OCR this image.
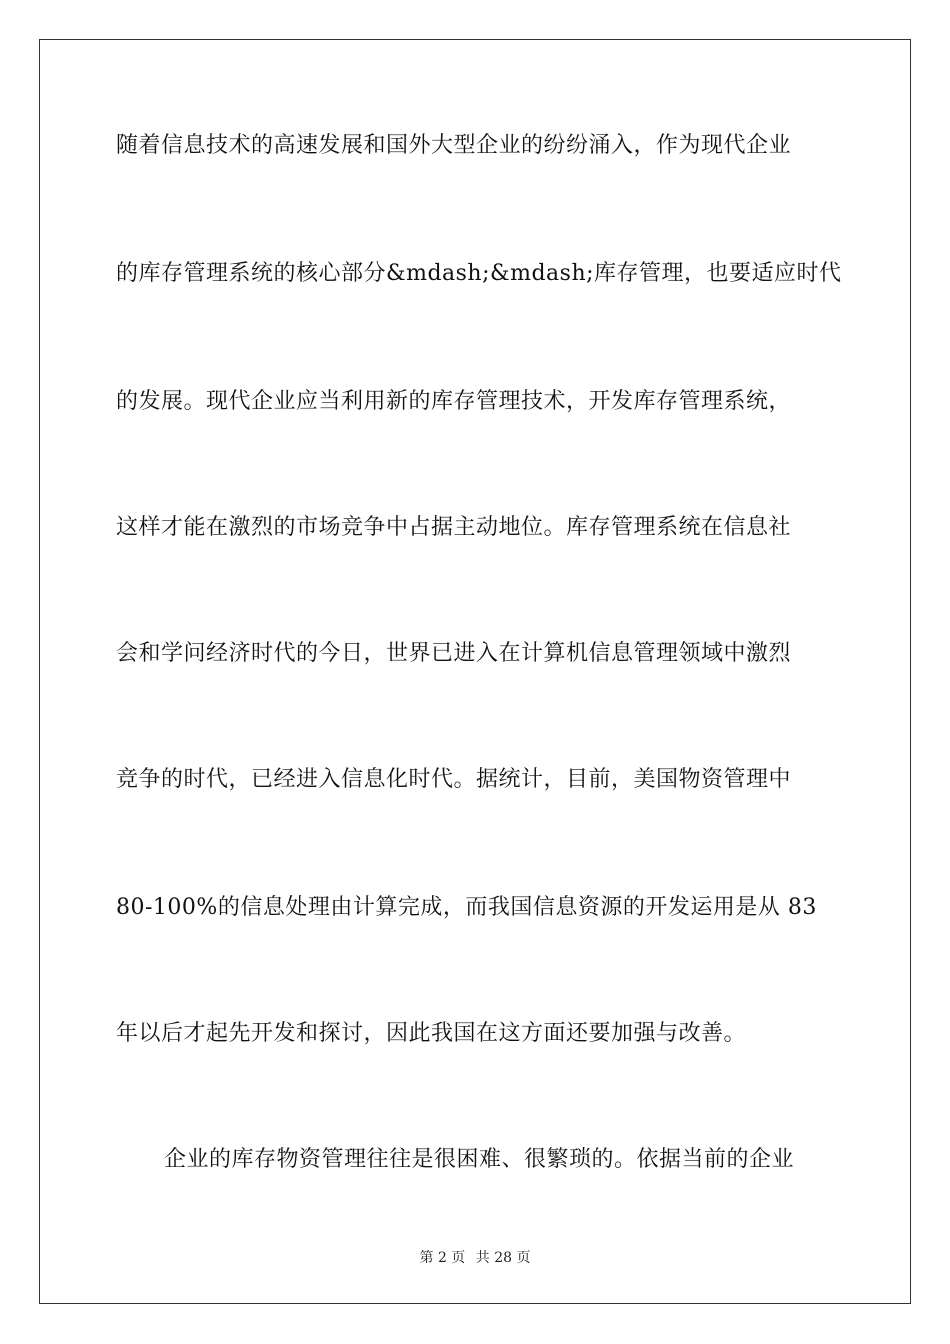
随着信息技术的高速发展和国外大型企业的纷纷涌入，作为现代企业
的库存管理系统的核心部分&mdash;&mdash;库存管理，也要适应时代
的发展。现代企业应当利用新的库存管理技术，开发库存管理系统，
这样才能在激烈的市场竞争中占据主动地位。库存管理系统在信息社
会和学问经济时代的今日，世界已进入在计算机信息管理领域中激烈
竞争的时代，已经进入信息化时代。据统计，目前，美国物资管理中
80-100%的信息处理由计算完成，而我国信息资源的开发运用是从 83
年以后才起先开发和探讨，因此我国在这方面还要加强与改善。
企业的库存物资管理往往是很困难、很繁琐的。依据当前的企业
第 2 页 共 28 页
